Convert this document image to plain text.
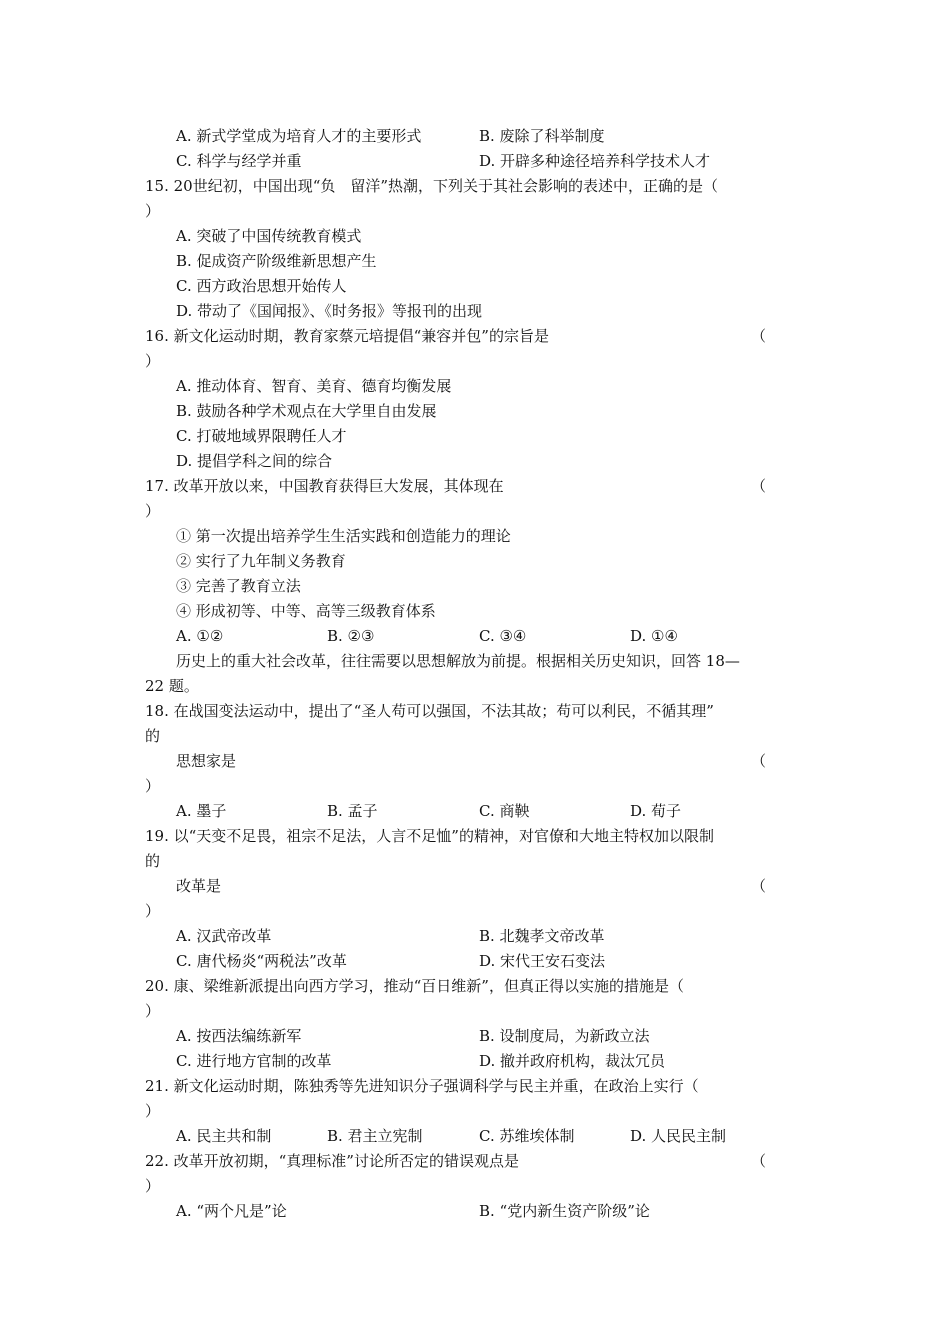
A. 新式学堂成为培育人才的主要形式	B. 废除了科举制度
C. 科学与经学并重	D. 开辟多种途径培养科学技术人才
15. 20世纪初，中国出现“负　留洋”热潮，下列关于其社会影响的表述中，正确的是（
）
A. 突破了中国传统教育模式
B. 促成资产阶级维新思想产生
C. 西方政治思想开始传人
D. 带动了《国闻报》、《时务报》等报刊的出现
16. 新文化运动时期，教育家蔡元培提倡“兼容并包”的宗旨是	（
）
A. 推动体育、智育、美育、德育均衡发展
B. 鼓励各种学术观点在大学里自由发展
C. 打破地域界限聘任人才
D. 提倡学科之间的综合
17. 改革开放以来，中国教育获得巨大发展，其体现在	（
）
① 第一次提出培养学生生活实践和创造能力的理论
② 实行了九年制义务教育
③ 完善了教育立法
④ 形成初等、中等、高等三级教育体系
A. ①②	B. ②③	C. ③④	D. ①④
历史上的重大社会改革，往往需要以思想解放为前提。根据相关历史知识，回答 18—
22 题。
18. 在战国变法运动中，提出了“圣人苟可以强国，不法其故；苟可以利民，不循其理”
的
思想家是	（
）
A. 墨子	B. 孟子	C. 商鞅	D. 荀子
19. 以“天变不足畏，祖宗不足法，人言不足恤”的精神，对官僚和大地主特权加以限制
的
改革是	（
）
A. 汉武帝改革	B. 北魏孝文帝改革
C. 唐代杨炎“两税法”改革	D. 宋代王安石变法
20. 康、梁维新派提出向西方学习，推动“百日维新”，但真正得以实施的措施是（
）
A. 按西法编练新军	B. 设制度局，为新政立法
C. 进行地方官制的改革	D. 撤并政府机构，裁汰冗员
21. 新文化运动时期，陈独秀等先进知识分子强调科学与民主并重，在政治上实行（
）
A. 民主共和制	B. 君主立宪制	C. 苏维埃体制	D. 人民民主制
22. 改革开放初期，“真理标准”讨论所否定的错误观点是	（
）
A. “两个凡是”论	B. “党内新生资产阶级”论
